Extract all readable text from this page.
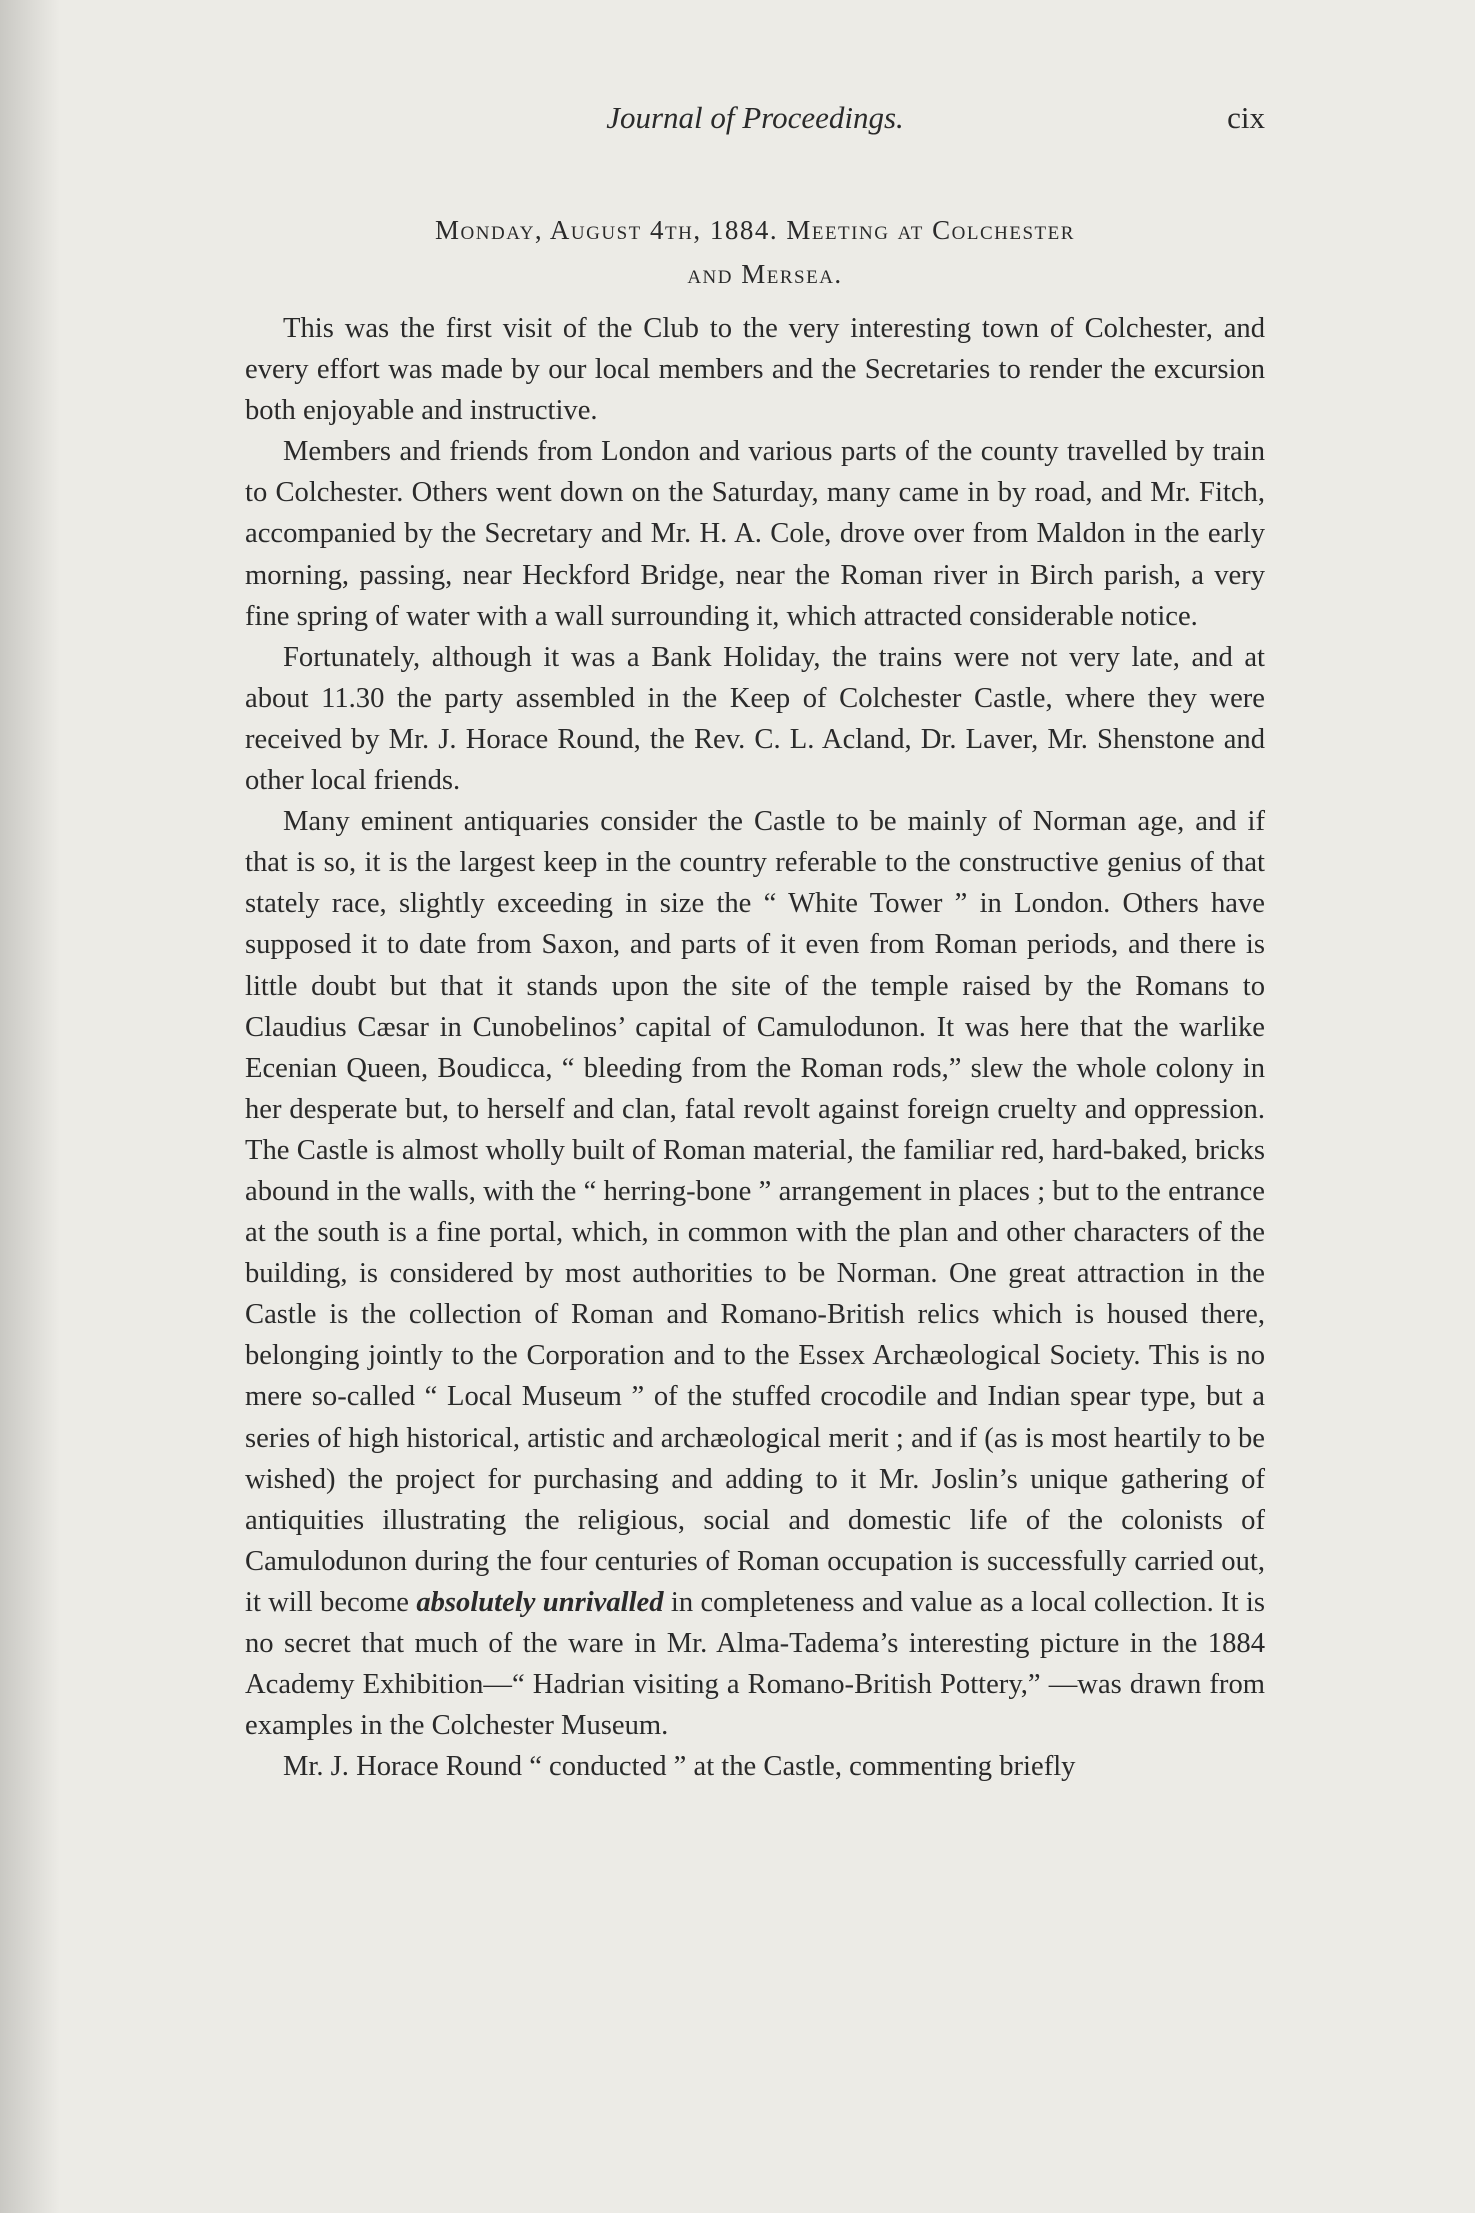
Journal of Proceedings.	cix
Monday, August 4th, 1884. Meeting at Colchester
and Mersea.

This was the first visit of the Club to the very interesting town of Colchester, and every effort was made by our local members and the Secretaries to render the excursion both enjoyable and instructive.

Members and friends from London and various parts of the county travelled by train to Colchester. Others went down on the Saturday, many came in by road, and Mr. Fitch, accompanied by the Secretary and Mr. H. A. Cole, drove over from Maldon in the early morning, passing, near Heckford Bridge, near the Roman river in Birch parish, a very fine spring of water with a wall surrounding it, which attracted considerable notice.

Fortunately, although it was a Bank Holiday, the trains were not very late, and at about 11.30 the party assembled in the Keep of Colchester Castle, where they were received by Mr. J. Horace Round, the Rev. C. L. Acland, Dr. Laver, Mr. Shenstone and other local friends.

Many eminent antiquaries consider the Castle to be mainly of Norman age, and if that is so, it is the largest keep in the country referable to the constructive genius of that stately race, slightly exceeding in size the “ White Tower ” in London. Others have supposed it to date from Saxon, and parts of it even from Roman periods, and there is little doubt but that it stands upon the site of the temple raised by the Romans to Claudius Cæsar in Cunobelinos’ capital of Camulodunon. It was here that the warlike Ecenian Queen, Boudicca, “ bleeding from the Roman rods,” slew the whole colony in her desperate but, to herself and clan, fatal revolt against foreign cruelty and oppression. The Castle is almost wholly built of Roman material, the familiar red, hard-baked, bricks abound in the walls, with the “ herring-bone ” arrangement in places ; but to the entrance at the south is a fine portal, which, in common with the plan and other characters of the building, is considered by most authorities to be Norman. One great attraction in the Castle is the collection of Roman and Romano-British relics which is housed there, belonging jointly to the Corporation and to the Essex Archæological Society. This is no mere so-called “ Local Museum ” of the stuffed crocodile and Indian spear type, but a series of high historical, artistic and archæological merit ; and if (as is most heartily to be wished) the project for purchasing and adding to it Mr. Joslin’s unique gathering of antiquities illustrating the religious, social and domestic life of the colonists of Camulodunon during the four centuries of Roman occupation is successfully carried out, it will become absolutely unrivalled in completeness and value as a local collection. It is no secret that much of the ware in Mr. Alma-Tadema’s interesting picture in the 1884 Academy Exhibition—“ Hadrian visiting a Romano-British Pottery,” —was drawn from examples in the Colchester Museum.

Mr. J. Horace Round “ conducted ” at the Castle, commenting briefly
